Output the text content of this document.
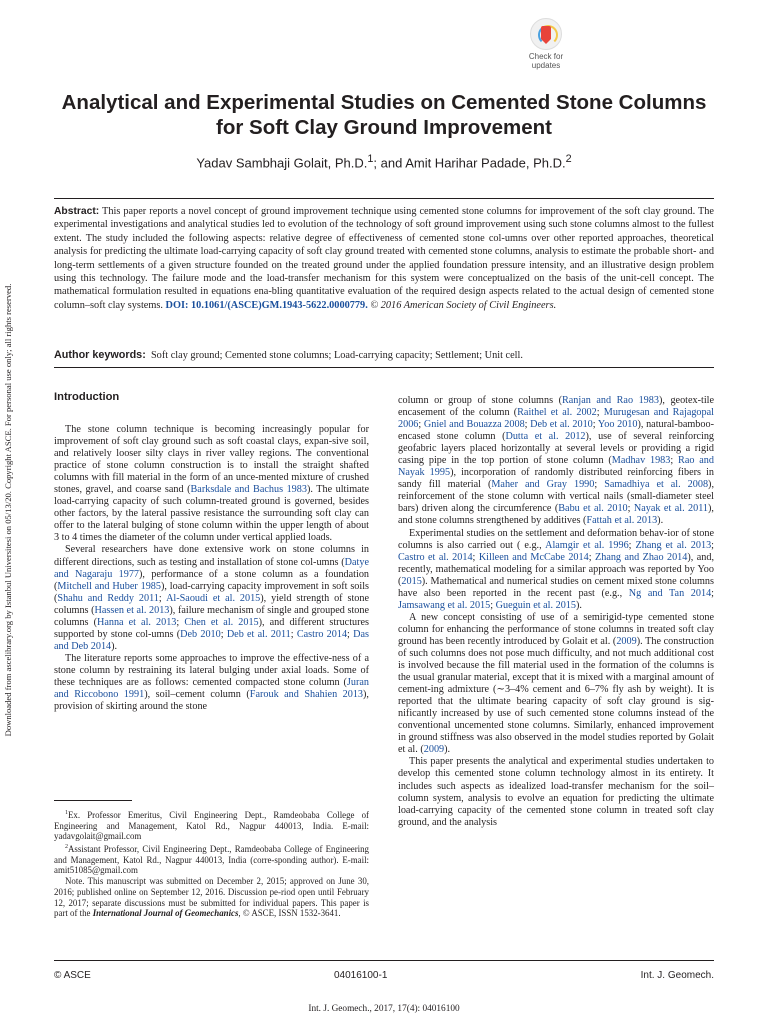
Check for
updates
Analytical and Experimental Studies on Cemented Stone Columns for Soft Clay Ground Improvement

Yadav Sambhaji Golait, Ph.D.$^1$; and Amit Harihar Padade, Ph.D.$^2$

Abstract: This paper reports a novel concept of ground improvement technique using cemented stone columns for improvement of the soft clay ground. The experimental investigations and analytical studies led to evolution of the technology of soft ground improvement using such stone columns almost to the fullest extent. The study included the following aspects: relative degree of effectiveness of cemented stone col-umns over other reported approaches, theoretical analysis for predicting the ultimate load-carrying capacity of soft clay ground treated with cemented stone columns, analysis to estimate the probable short- and long-term settlements of a given structure founded on the treated ground under the applied foundation pressure intensity, and an illustrative design problem using this technology. The failure mode and the load-transfer mechanism for this system were conceptualized on the basis of the unit-cell concept. The mathematical formulation resulted in equations ena-bling quantitative evaluation of the required design aspects related to the actual design of cemented stone column–soft clay systems. DOI: 10.1061/(ASCE)GM.1943-5622.0000779. © 2016 American Society of Civil Engineers.

Author keywords: Soft clay ground; Cemented stone columns; Load-carrying capacity; Settlement; Unit cell.

Downloaded from ascelibrary.org by Istanbul Universitesi on 05/13/20. Copyright ASCE. For personal use only; all rights reserved.	Introduction

The stone column technique is becoming increasingly popular for improvement of soft clay ground such as soft coastal clays, expan-sive soil, and relatively looser silty clays in river valley regions. The conventional practice of stone column construction is to install the straight shafted columns with fill material in the form of an unce-mented mixture of crushed stones, gravel, and coarse sand (Barksdale and Bachus 1983). The ultimate load-carrying capacity of such column-treated ground is governed, besides other factors, by the lateral passive resistance the surrounding soft clay can offer to the lateral bulging of stone column within the upper length of about 3 to 4 times the diameter of the column under vertical applied loads.

Several researchers have done extensive work on stone columns in different directions, such as testing and installation of stone col-umns (Datye and Nagaraju 1977), performance of a stone column as a foundation (Mitchell and Huber 1985), load-carrying capacity improvement in soft soils (Shahu and Reddy 2011; Al-Saoudi et al. 2015), yield strength of stone columns (Hassen et al. 2013), failure mechanism of single and grouped stone columns (Hanna et al. 2013; Chen et al. 2015), and different structures supported by stone col-umns (Deb 2010; Deb et al. 2011; Castro 2014; Das and Deb 2014).

The literature reports some approaches to improve the effective-ness of a stone column by restraining its lateral bulging under axial loads. Some of these techniques are as follows: cemented compacted stone column (Juran and Riccobono 1991), soil–cement column (Farouk and Shahien 2013), provision of skirting around the stone

$^1$Ex. Professor Emeritus, Civil Engineering Dept., Ramdeobaba College of Engineering and Management, Katol Rd., Nagpur 440013, India. E-mail: yadavgolait@gmail.com

$^2$Assistant Professor, Civil Engineering Dept., Ramdeobaba College of Engineering and Management, Katol Rd., Nagpur 440013, India (corre-sponding author). E-mail: amit51085@gmail.com

Note. This manuscript was submitted on December 2, 2015; approved on June 30, 2016; published online on September 12, 2016. Discussion pe-riod open until February 12, 2017; separate discussions must be submitted for individual papers. This paper is part of the International Journal of Geomechanics, © ASCE, ISSN 1532-3641.

column or group of stone columns (Ranjan and Rao 1983), geotex-tile encasement of the column (Raithel et al. 2002; Murugesan and Rajagopal 2006; Gniel and Bouazza 2008; Deb et al. 2010; Yoo 2010), natural-bamboo-encased stone column (Dutta et al. 2012), use of several reinforcing geofabric layers placed horizontally at several levels or providing a rigid casing pipe in the top portion of stone column (Madhav 1983; Rao and Nayak 1995), incorporation of randomly distributed reinforcing fibers in sandy fill material (Maher and Gray 1990; Samadhiya et al. 2008), reinforcement of the stone column with vertical nails (small-diameter steel bars) driven along the circumference (Babu et al. 2010; Nayak et al. 2011), and stone columns strengthened by additives (Fattah et al. 2013).

Experimental studies on the settlement and deformation behav-ior of stone columns is also carried out ( e.g., Alamgir et al. 1996; Zhang et al. 2013; Castro et al. 2014; Killeen and McCabe 2014; Zhang and Zhao 2014), and, recently, mathematical modeling for a similar approach was reported by Yoo (2015). Mathematical and numerical studies on cement mixed stone columns have also been reported in the recent past (e.g., Ng and Tan 2014; Jamsawang et al. 2015; Gueguin et al. 2015).

A new concept consisting of use of a semirigid-type cemented stone column for enhancing the performance of stone columns in treated soft clay ground has been recently introduced by Golait et al. (2009). The construction of such columns does not pose much difficulty, and not much additional cost is involved because the fill material used in the formation of the columns is the usual granular material, except that it is mixed with a marginal amount of cement-ing admixture (∼3–4% cement and 6–7% fly ash by weight). It is reported that the ultimate bearing capacity of soft clay ground is sig-nificantly increased by use of such cemented stone columns instead of the conventional uncemented stone columns. Similarly, enhanced improvement in ground stiffness was also observed in the model studies reported by Golait et al. (2009).

This paper presents the analytical and experimental studies undertaken to develop this cemented stone column technology almost in its entirety. It includes such aspects as idealized load-transfer mechanism for the soil–column system, analysis to evolve an equation for predicting the ultimate load-carrying capacity of the cemented stone column in treated soft clay ground, and the analysis

© ASCE	04016100-1	Int. J. Geomech.
Int. J. Geomech., 2017, 17(4): 04016100
